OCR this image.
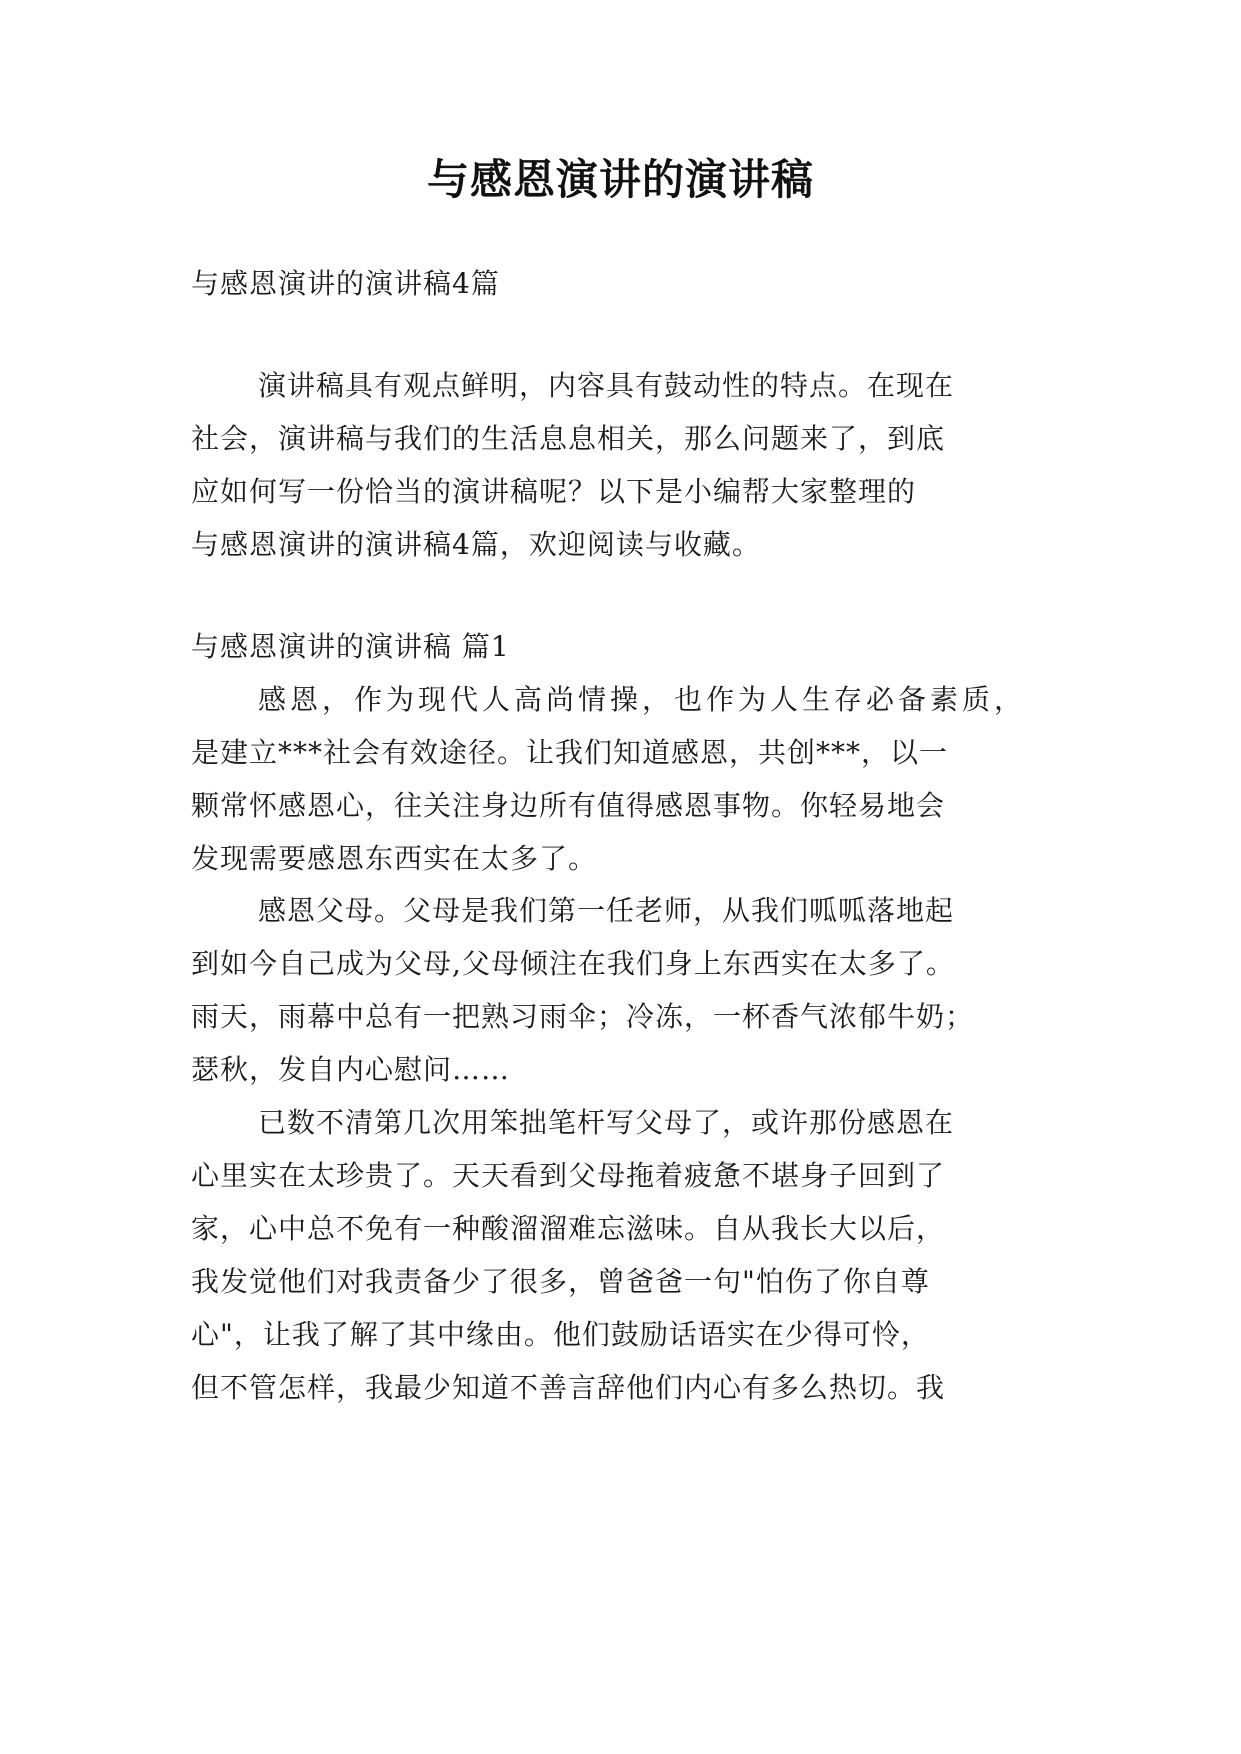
与感恩演讲的演讲稿
与感恩演讲的演讲稿4篇
演讲稿具有观点鲜明，内容具有鼓动性的特点。在现在
社会，演讲稿与我们的生活息息相关，那么问题来了，到底
应如何写一份恰当的演讲稿呢？以下是小编帮大家整理的
与感恩演讲的演讲稿4篇，欢迎阅读与收藏。
与感恩演讲的演讲稿 篇1
感恩，作为现代人高尚情操，也作为人生存必备素质，
是建立***社会有效途径。让我们知道感恩，共创***，以一
颗常怀感恩心，往关注身边所有值得感恩事物。你轻易地会
发现需要感恩东西实在太多了。
感恩父母。父母是我们第一任老师，从我们呱呱落地起
到如今自己成为父母,父母倾注在我们身上东西实在太多了。
雨天，雨幕中总有一把熟习雨伞；冷冻，一杯香气浓郁牛奶；
瑟秋，发自内心慰问……
已数不清第几次用笨拙笔杆写父母了，或许那份感恩在
心里实在太珍贵了。天天看到父母拖着疲惫不堪身子回到了
家，心中总不免有一种酸溜溜难忘滋味。自从我长大以后，
我发觉他们对我责备少了很多，曾爸爸一句"怕伤了你自尊
心"，让我了解了其中缘由。他们鼓励话语实在少得可怜，
但不管怎样，我最少知道不善言辞他们内心有多么热切。我
